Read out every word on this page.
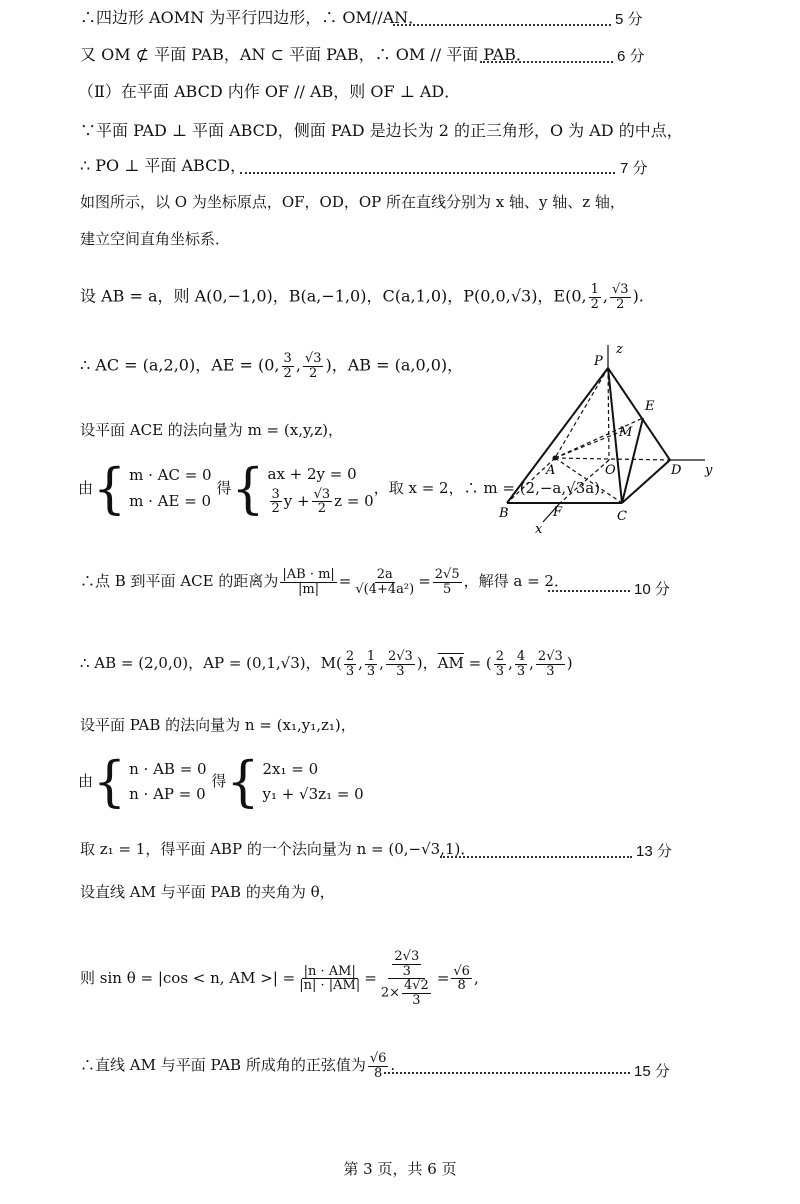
∴四边形 AOMN 为平行四边形，∴ OM//AN．	5 分
又 OM ⊄ 平面 PAB，AN ⊂ 平面 PAB，∴ OM // 平面 PAB．	6 分
（Ⅱ）在平面 ABCD 内作 OF // AB，则 OF ⊥ AD．
∵平面 PAD ⊥ 平面 ABCD，侧面 PAD 是边长为 2 的正三角形，O 为 AD 的中点，
∴ PO ⊥ 平面 ABCD，	7 分
如图所示，以 O 为坐标原点，OF，OD，OP 所在直线分别为 x 轴、y 轴、z 轴，
建立空间直角坐标系．
设 AB = a，则 A(0,−1,0)，B(a,−1,0)，C(a,1,0)，P(0,0,√3)，E(0, $\frac{1}{2}$ , $\frac{√3}{2}$ ).
∴ AC = (a,2,0)，AE = (0, $\frac{3}{2}$ , $\frac{√3}{2}$ )，AB = (a,0,0)，
设平面 ACE 的法向量为 m = (x,y,z)，
由{ m · AC = 0
m · AE = 0
得{ ax + 2y = 0
$\frac{3}{2}$ $y + \frac{√3}{2}$ z = 0
，取 x = 2，∴ m = (2,−a,√3a)．
P
z
E
M
A	O	D y
B	F	C
x
∴点 B 到平面 ACE 的距离为 $\frac{|AB \cdot m|}{|m|} = \frac{2a}{\text{√(4+4a²)}} = \frac{2√5}{5}$ ，解得 a = 2．	10 分
∴ AB = (2,0,0)，AP = (0,1,√3)，$M( \frac{2}{3}$ , $\frac{1}{3}$ , $\frac{2√3}{3}$ )，$\overline{AM}$ = ( $\frac{2}{3}$ , $\frac{4}{3}$ , $\frac{2√3}{3}$ )
设平面 PAB 的法向量为 n = (x₁,y₁,z₁)，
由{ n · AB = 0
n · AP = 0
得{ 2x₁ = 0
y₁ + √3z₁ = 0
取 z₁ = 1，得平面 ABP 的一个法向量为 n = (0,−√3,1)．	13 分
设直线 AM 与平面 PAB 的夹角为 θ，
则 sin θ = |cos < n, AM >| = $\frac{|n \cdot AM|}{|n| \cdot |AM|} = \frac{\frac{2√3}{3}}{2\times \frac{4√2}{3}} = \frac{√6}{8}$ ,
∴直线 AM 与平面 PAB 所成角的正弦值为 $\frac{√6}{8}$ .	15 分
第 3 页，共 6 页
